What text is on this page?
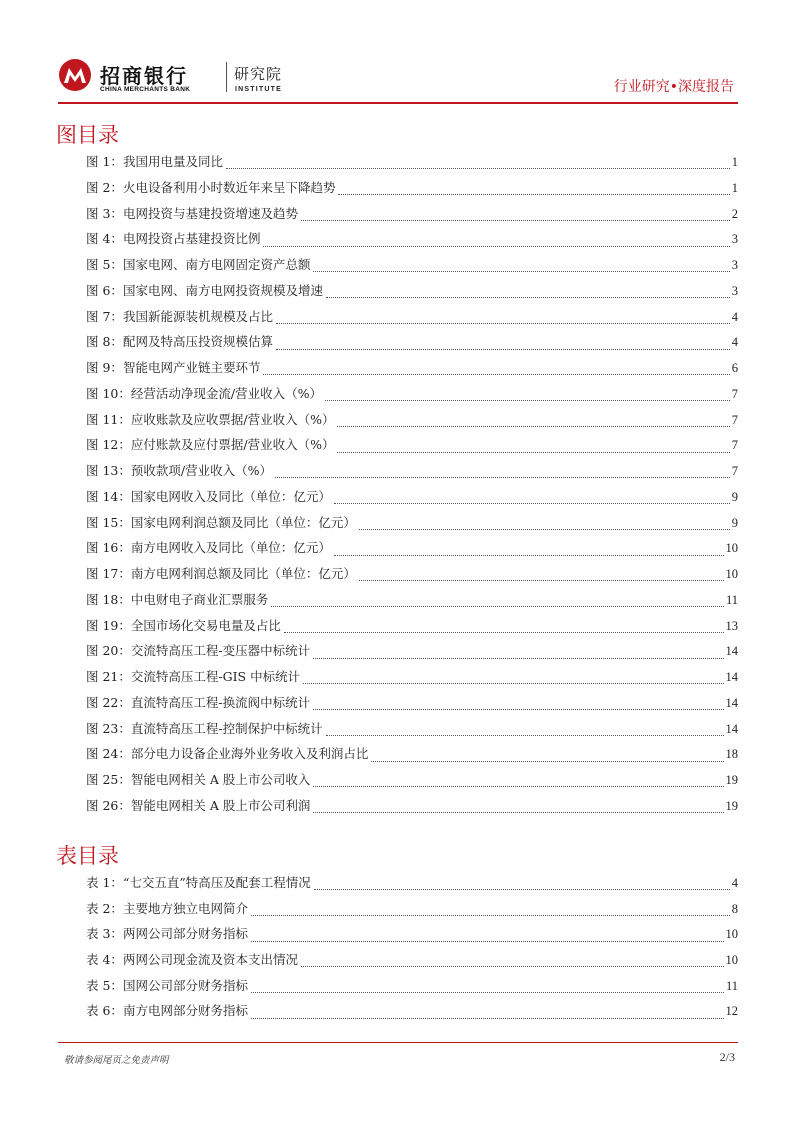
招商银行
CHINA MERCHANTS BANK
研究院
INSTITUTE	行业研究•深度报告
图目录
图 1： 我国用电量及同比	1
图 2： 火电设备利用小时数近年来呈下降趋势	1
图 3： 电网投资与基建投资增速及趋势	2
图 4： 电网投资占基建投资比例	3
图 5： 国家电网、南方电网固定资产总额	3
图 6： 国家电网、南方电网投资规模及增速	3
图 7： 我国新能源装机规模及占比	4
图 8： 配网及特高压投资规模估算	4
图 9： 智能电网产业链主要环节	6
图 10： 经营活动净现金流/营业收入（%）	7
图 11： 应收账款及应收票据/营业收入（%）	7
图 12： 应付账款及应付票据/营业收入（%）	7
图 13： 预收款项/营业收入（%）	7
图 14： 国家电网收入及同比（单位：亿元）	9
图 15： 国家电网利润总额及同比（单位：亿元）	9
图 16： 南方电网收入及同比（单位：亿元）	10
图 17： 南方电网利润总额及同比（单位：亿元）	10
图 18： 中电财电子商业汇票服务	11
图 19： 全国市场化交易电量及占比	13
图 20： 交流特高压工程-变压器中标统计	14
图 21： 交流特高压工程-GIS 中标统计	14
图 22： 直流特高压工程-换流阀中标统计	14
图 23： 直流特高压工程-控制保护中标统计	14
图 24： 部分电力设备企业海外业务收入及利润占比	18
图 25： 智能电网相关 A 股上市公司收入	19
图 26： 智能电网相关 A 股上市公司利润	19
表目录
表 1： “七交五直”特高压及配套工程情况	4
表 2： 主要地方独立电网简介	8
表 3： 两网公司部分财务指标	10
表 4： 两网公司现金流及资本支出情况	10
表 5： 国网公司部分财务指标	11
表 6： 南方电网部分财务指标	12
敬请参阅尾页之免责声明	2/3
